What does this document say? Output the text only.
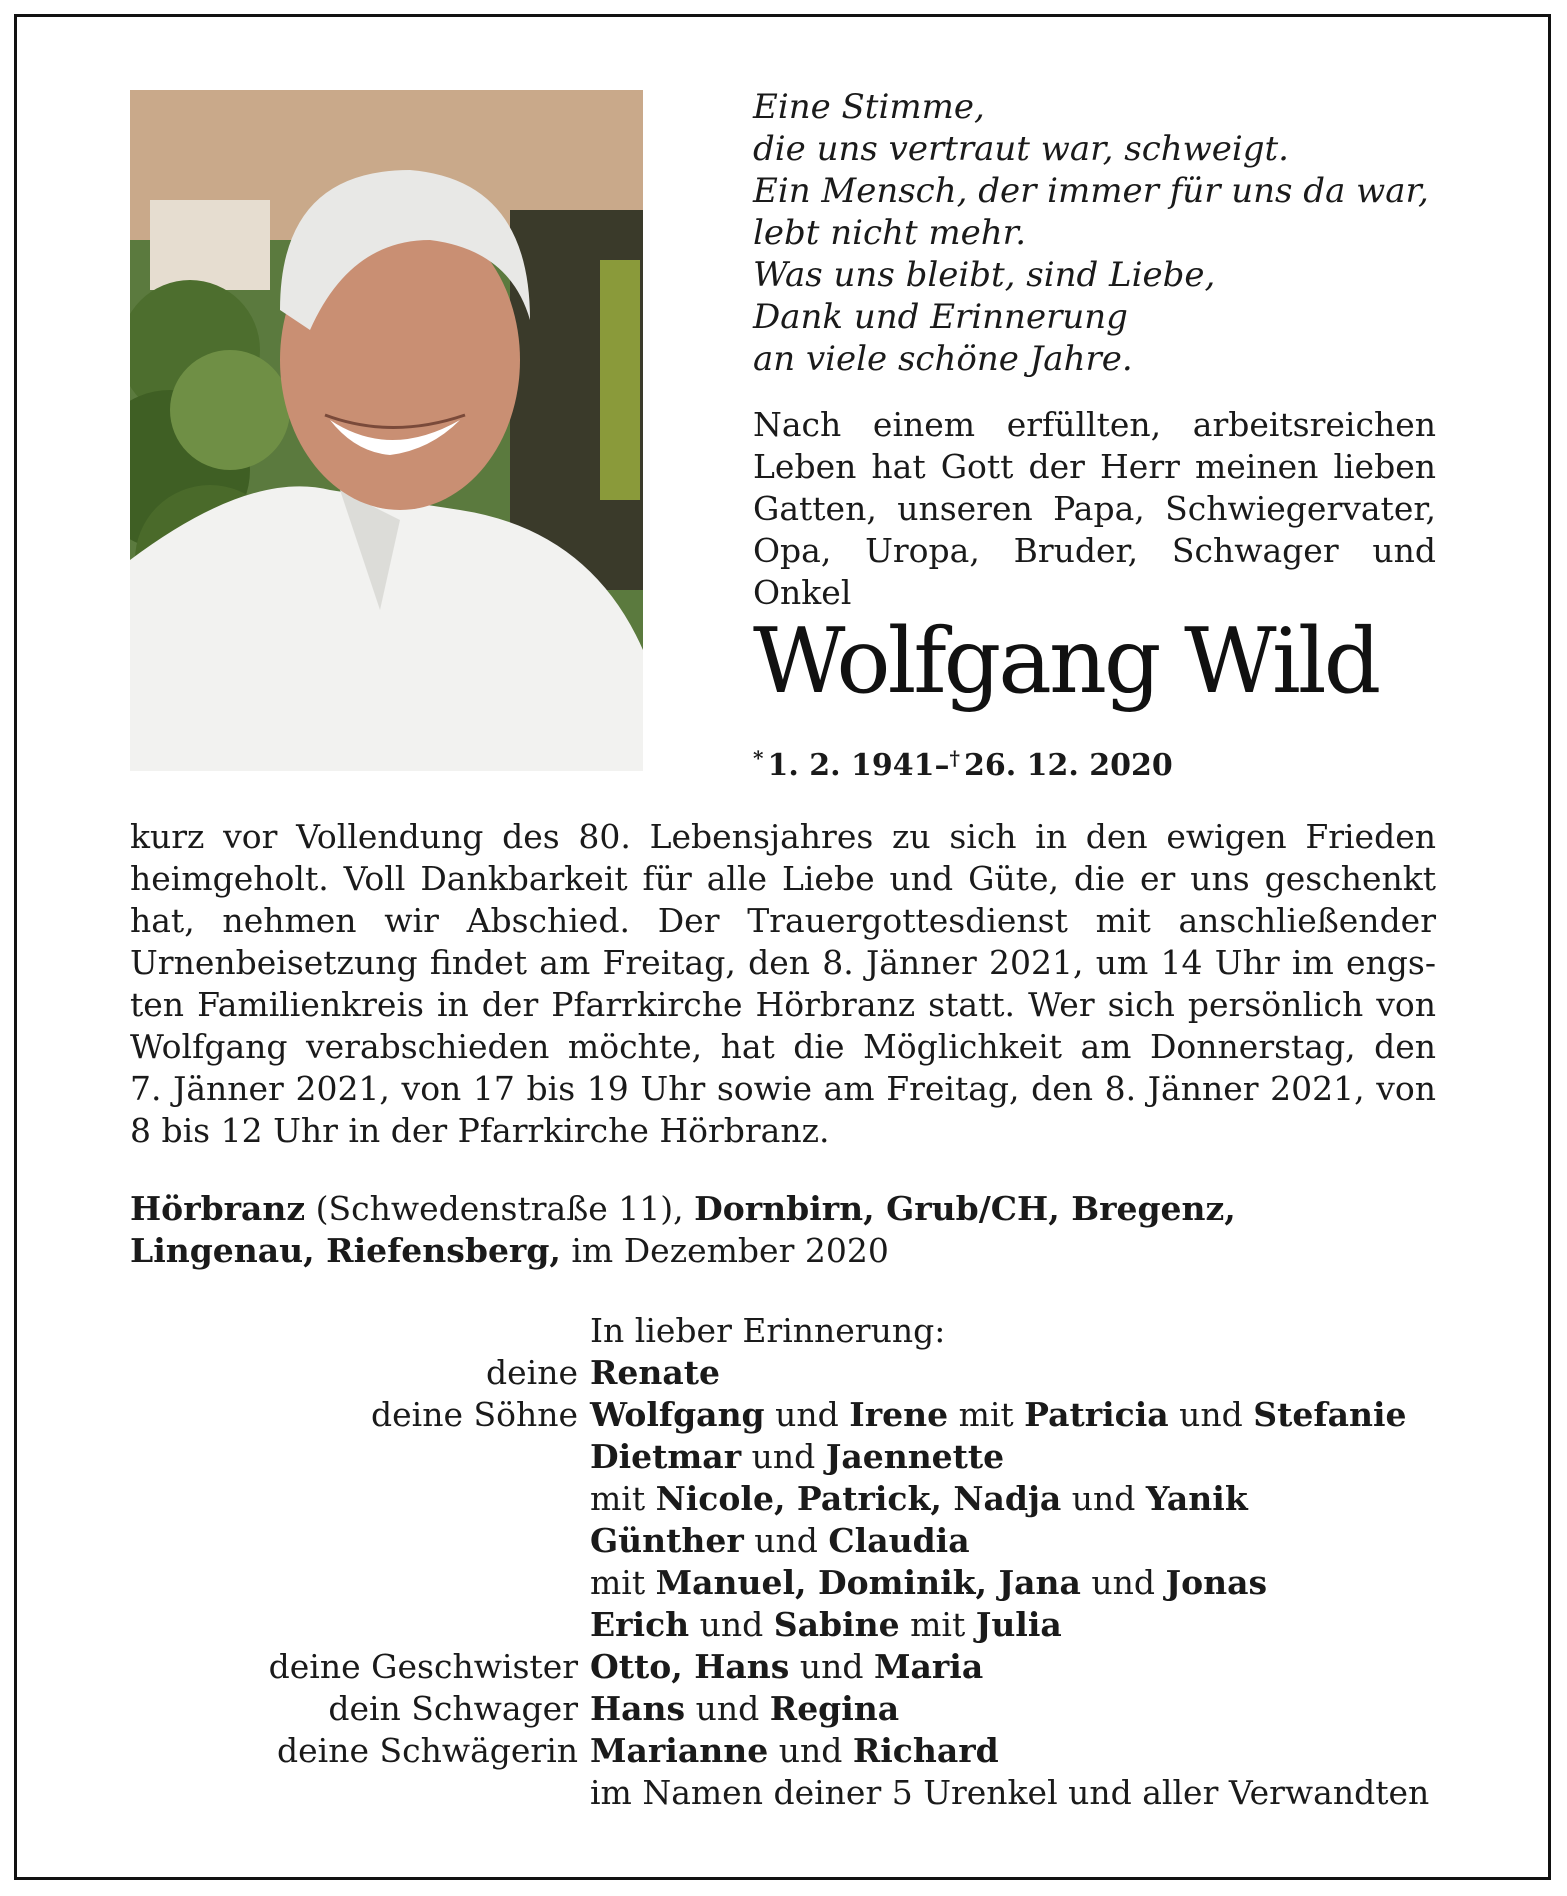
Eine Stimme,
die uns vertraut war, schweigt.
Ein Mensch, der immer für uns da war,
lebt nicht mehr.
Was uns bleibt, sind Liebe,
Dank und Erinnerung
an viele schöne Jahre.
Nach einem erfüllten, arbeitsreichen
Leben hat Gott der Herr meinen lieben
Gatten, unseren Papa, Schwiegervater,
Opa, Uropa, Bruder, Schwager und Onkel
Wolfgang Wild
* 1. 2. 1941–† 26. 12. 2020
kurz vor Vollendung des 80. Lebensjahres zu sich in den ewigen Frieden
heimgeholt. Voll Dankbarkeit für alle Liebe und Güte, die er uns geschenkt
hat, nehmen wir Abschied. Der Trauergottesdienst mit anschließender
Urnenbeisetzung findet am Freitag, den 8. Jänner 2021, um 14 Uhr im engs-
ten Familienkreis in der Pfarrkirche Hörbranz statt. Wer sich persönlich von
Wolfgang verabschieden möchte, hat die Möglichkeit am Donnerstag, den
7. Jänner 2021, von 17 bis 19 Uhr sowie am Freitag, den 8. Jänner 2021, von
8 bis 12 Uhr in der Pfarrkirche Hörbranz.
Hörbranz (Schwedenstraße 11), Dornbirn, Grub/CH, Bregenz,
Lingenau, Riefensberg, im Dezember 2020
In lieber Erinnerung:
deine Renate
deine Söhne Wolfgang und Irene mit Patricia und Stefanie
Dietmar und Jaennette
mit Nicole, Patrick, Nadja und Yanik
Günther und Claudia
mit Manuel, Dominik, Jana und Jonas
Erich und Sabine mit Julia
deine Geschwister Otto, Hans und Maria
dein Schwager Hans und Regina
deine Schwägerin Marianne und Richard
im Namen deiner 5 Urenkel und aller Verwandten
